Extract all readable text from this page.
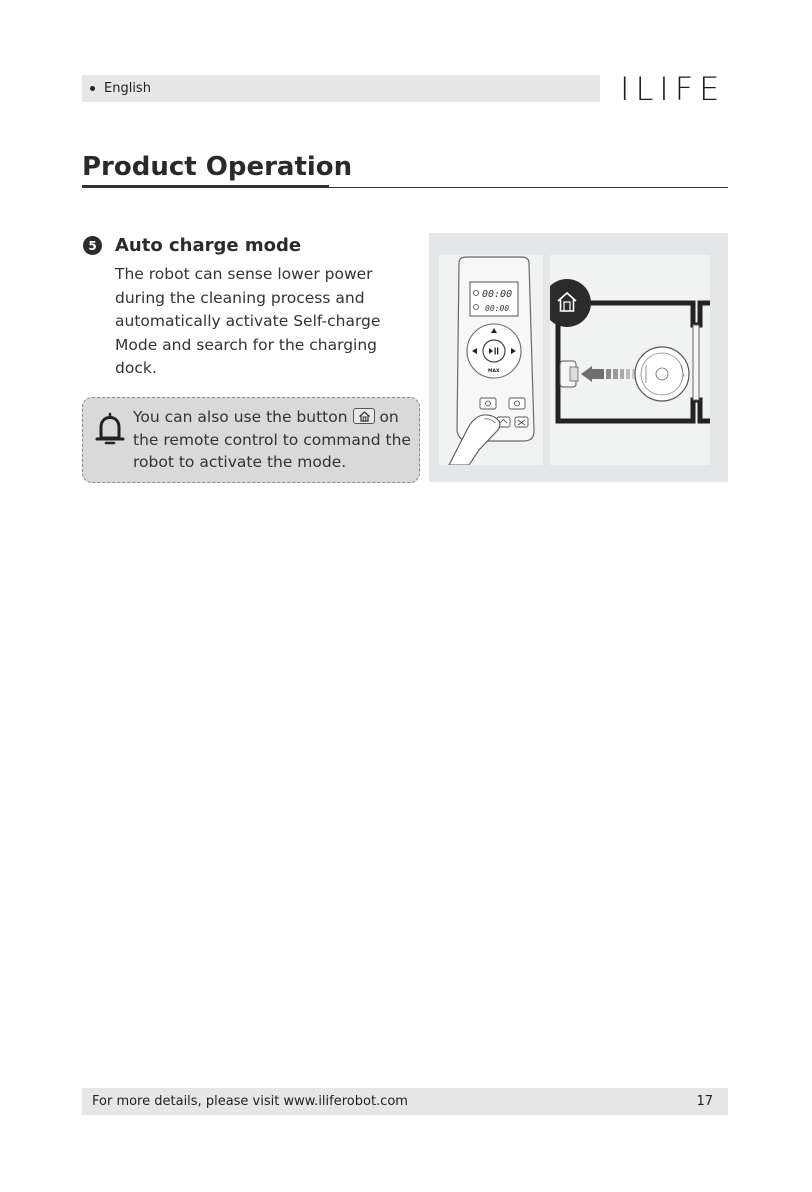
English	ILIFE
Product Operation
5 Auto charge mode
The robot can sense lower power during the cleaning process and automatically activate Self-charge Mode and search for the charging dock.
You can also use the button on the remote control to command the robot to activate the mode.
00:00
00:00
MAX
For more details, please visit www.iliferobot.com	17
